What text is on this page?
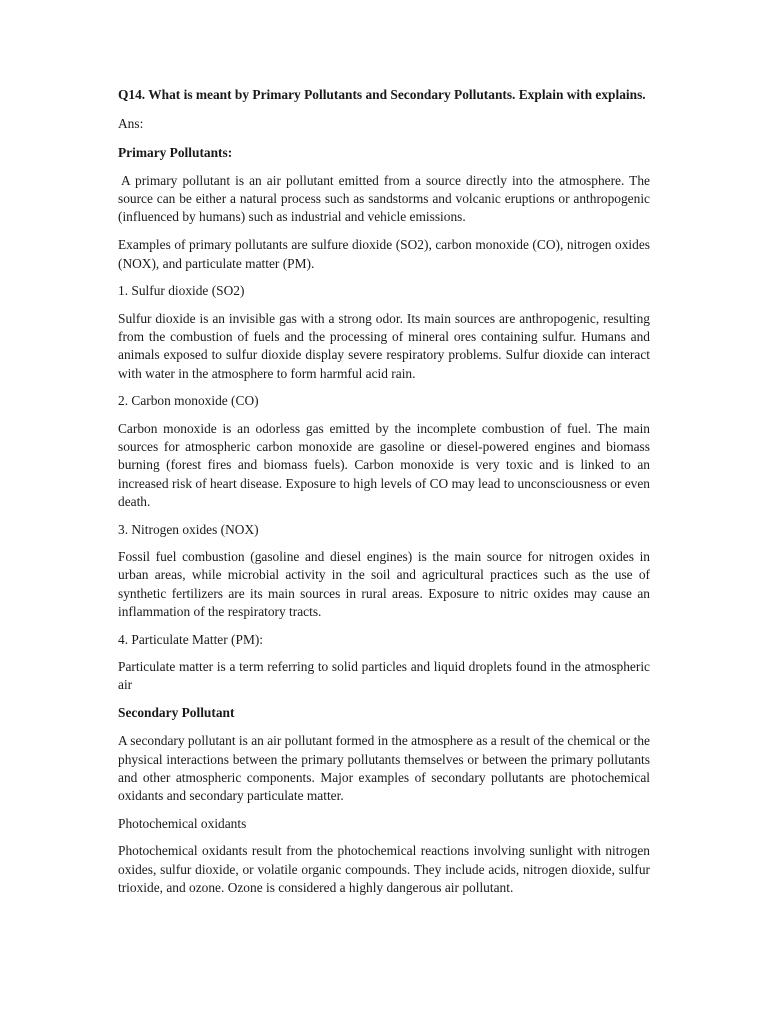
Q14. What is meant by Primary Pollutants and Secondary Pollutants. Explain with explains.

Ans:

Primary Pollutants:

A primary pollutant is an air pollutant emitted from a source directly into the atmosphere. The source can be either a natural process such as sandstorms and volcanic eruptions or anthropogenic (influenced by humans) such as industrial and vehicle emissions.

Examples of primary pollutants are sulfure dioxide (SO2), carbon monoxide (CO), nitrogen oxides (NOX), and particulate matter (PM).

1. Sulfur dioxide (SO2)

Sulfur dioxide is an invisible gas with a strong odor. Its main sources are anthropogenic, resulting from the combustion of fuels and the processing of mineral ores containing sulfur. Humans and animals exposed to sulfur dioxide display severe respiratory problems. Sulfur dioxide can interact with water in the atmosphere to form harmful acid rain.

2. Carbon monoxide (CO)

Carbon monoxide is an odorless gas emitted by the incomplete combustion of fuel. The main sources for atmospheric carbon monoxide are gasoline or diesel-powered engines and biomass burning (forest fires and biomass fuels). Carbon monoxide is very toxic and is linked to an increased risk of heart disease. Exposure to high levels of CO may lead to unconsciousness or even death.

3. Nitrogen oxides (NOX)

Fossil fuel combustion (gasoline and diesel engines) is the main source for nitrogen oxides in urban areas, while microbial activity in the soil and agricultural practices such as the use of synthetic fertilizers are its main sources in rural areas. Exposure to nitric oxides may cause an inflammation of the respiratory tracts.

4. Particulate Matter (PM):

Particulate matter is a term referring to solid particles and liquid droplets found in the atmospheric air

Secondary Pollutant

A secondary pollutant is an air pollutant formed in the atmosphere as a result of the chemical or the physical interactions between the primary pollutants themselves or between the primary pollutants and other atmospheric components. Major examples of secondary pollutants are photochemical oxidants and secondary particulate matter.

Photochemical oxidants

Photochemical oxidants result from the photochemical reactions involving sunlight with nitrogen oxides, sulfur dioxide, or volatile organic compounds. They include acids, nitrogen dioxide, sulfur trioxide, and ozone. Ozone is considered a highly dangerous air pollutant.
